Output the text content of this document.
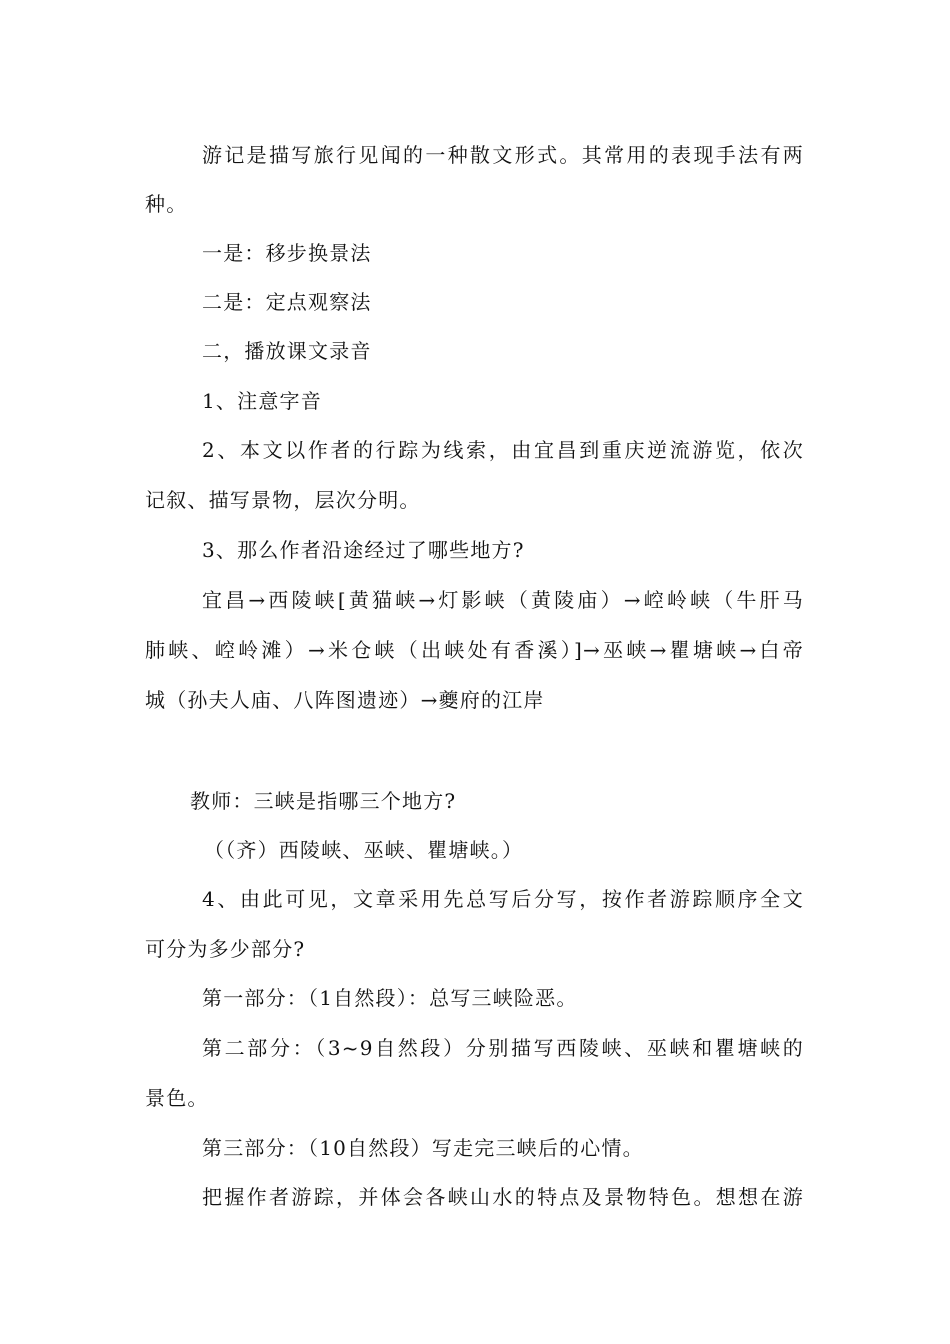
游记是描写旅行见闻的一种散文形式。其常用的表现手法有两
种。
一是：移步换景法
二是：定点观察法
二，播放课文录音
1、注意字音
2、本文以作者的行踪为线索，由宜昌到重庆逆流游览，依次
记叙、描写景物，层次分明。
3、那么作者沿途经过了哪些地方?
宜昌→西陵峡[黄猫峡→灯影峡（黄陵庙）→崆岭峡（牛肝马
肺峡、崆岭滩）→米仓峡（出峡处有香溪）]→巫峡→瞿塘峡→白帝
城（孙夫人庙、八阵图遗迹）→夔府的江岸
教师：三峡是指哪三个地方?
（（齐）西陵峡、巫峡、瞿塘峡。）
4、由此可见，文章采用先总写后分写，按作者游踪顺序全文
可分为多少部分?
第一部分：（1自然段）：总写三峡险恶。
第二部分：（3~9自然段）分别描写西陵峡、巫峡和瞿塘峡的
景色。
第三部分：（10自然段）写走完三峡后的心情。
把握作者游踪，并体会各峡山水的特点及景物特色。想想在游
